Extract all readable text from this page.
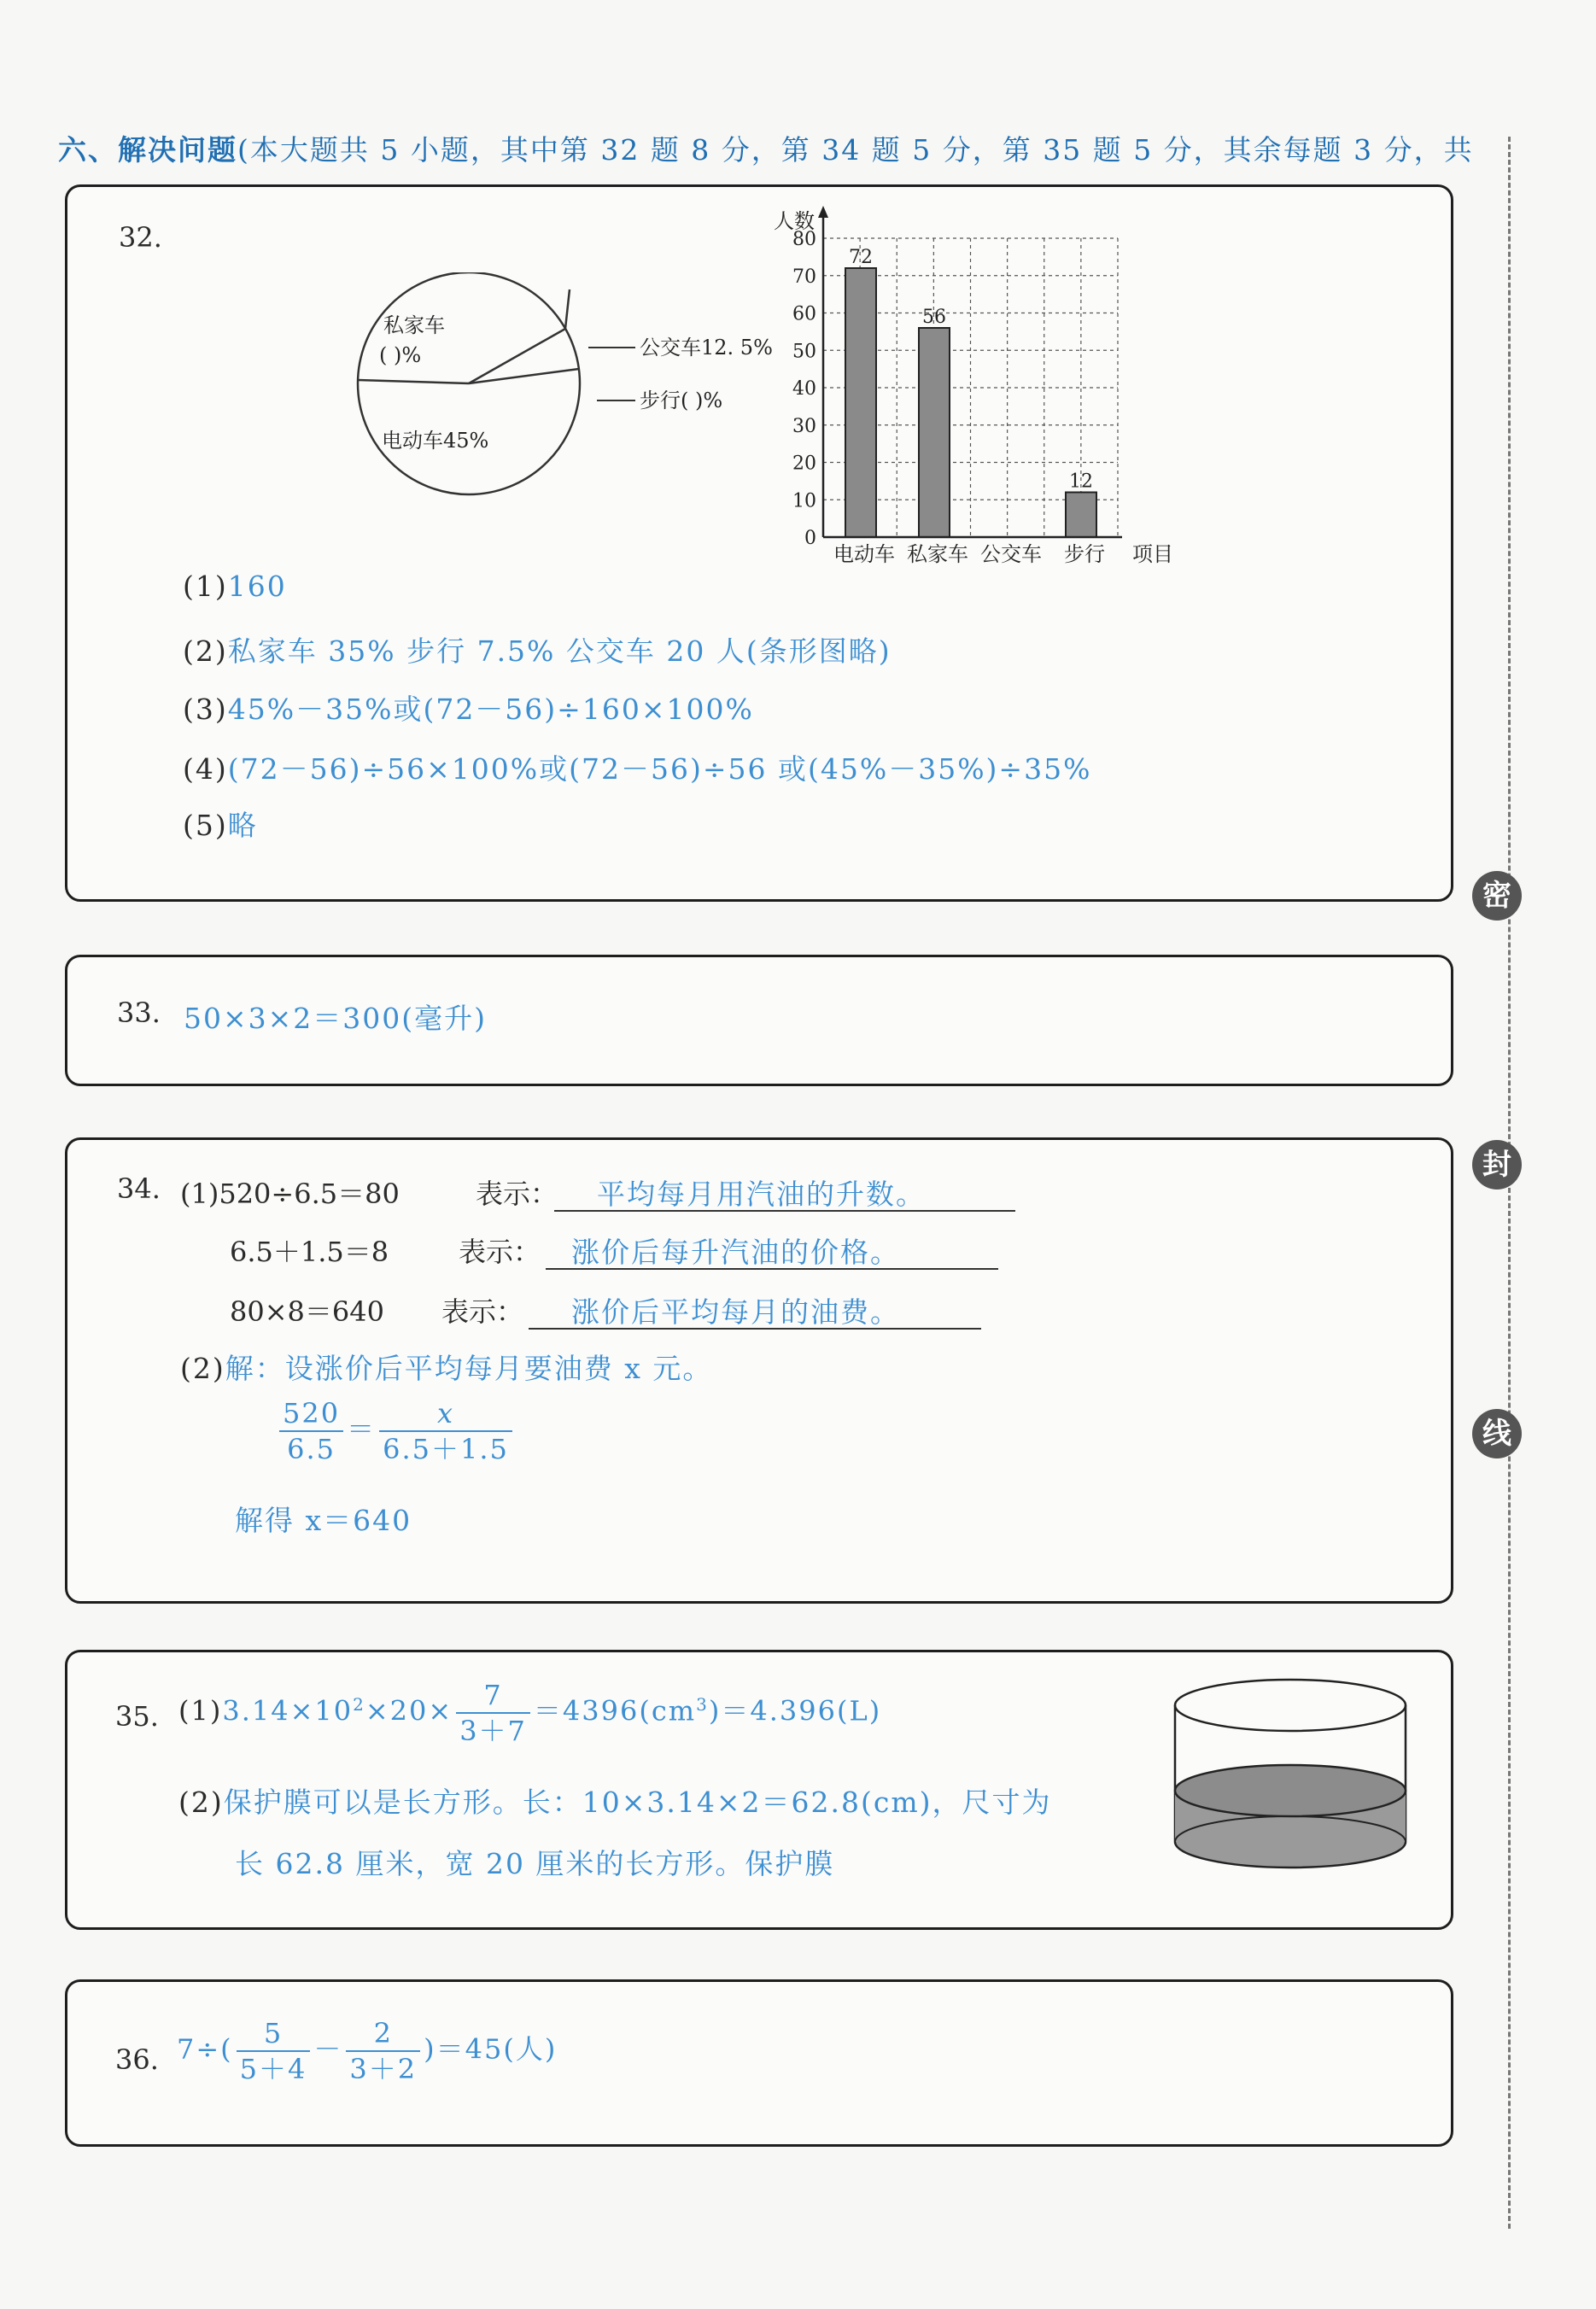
六、解决问题(本大题共 5 小题，其中第 32 题 8 分，第 34 题 5 分，第 35 题 5 分，其余每题 3 分，共
密
封
线
32.
私家车
( )%	公交车12. 5%
步行( )%
电动车45%
72
56
12
0
10
20
30
40
50
60
70
80
电动车 私家车 公交车 步行
人数
项目
(1)160
(2)私家车 35% 步行 7.5% 公交车 20 人(条形图略)
(3)45%－35%或(72－56)÷160×100%
(4)(72－56)÷56×100%或(72－56)÷56 或(45%－35%)÷35%
(5)略
33. 50×3×2＝300(毫升)
34. (1)520÷6.5＝80	表示： 平均每月用汽油的升数。
6.5＋1.5＝8	表示： 涨价后每升汽油的价格。
80×8＝640 表示： 涨价后平均每月的油费。
(2)解：设涨价后平均每月要油费 x 元。
$\frac{520}{6.5} = \frac{x}{6.5+1.5}$
解得 x＝640
35. $(1)3.14\times 10^2\times 20\times \frac{7}{3+7} =4396(cm^3)=4.396(L)$
(2)保护膜可以是长方形。长：10×3.14×2＝62.8(cm)，尺寸为
长 62.8 厘米，宽 20 厘米的长方形。保护膜
36. $7\div( \frac{5}{5+4} - \frac{2}{3+2} )=45$(人)
